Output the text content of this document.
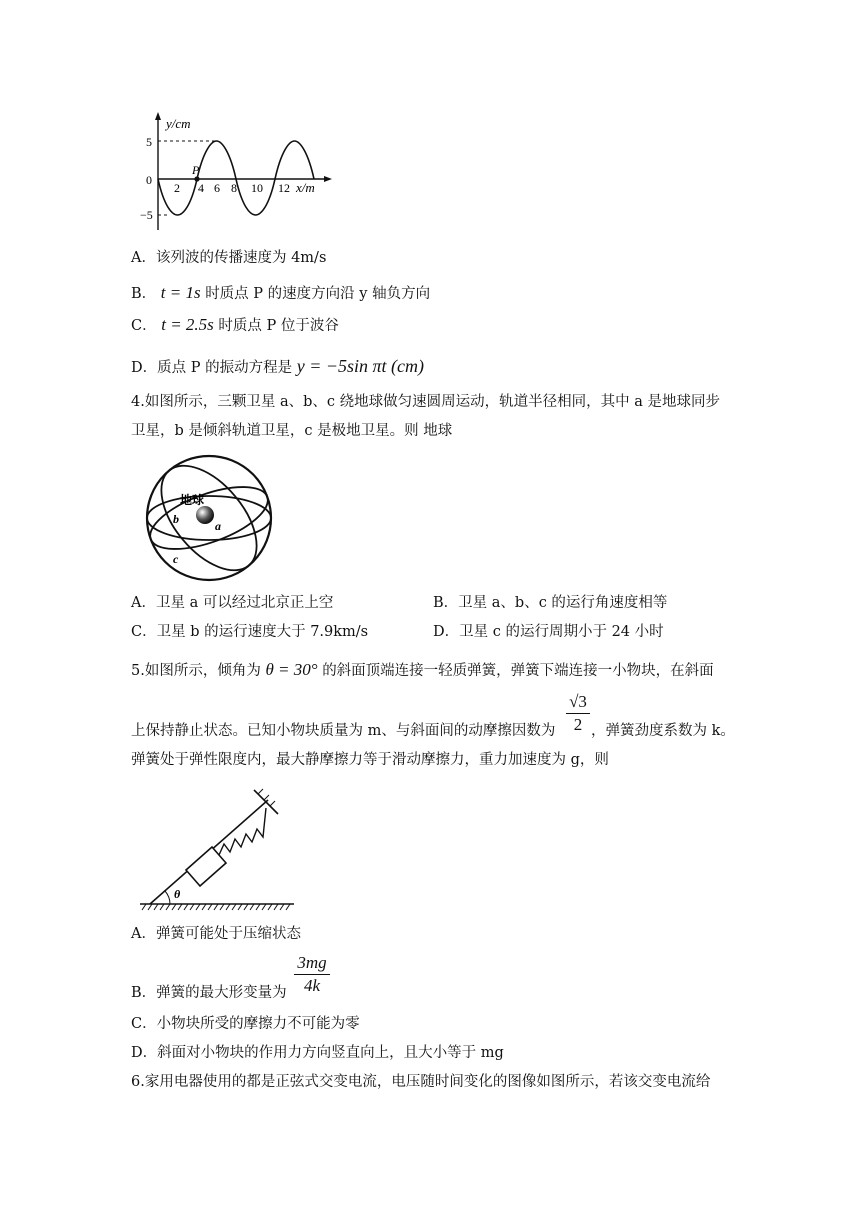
y/cm
5
0
−5
2 4 6 8 10 12 x/m
P
A．该列波的传播速度为 4m/s
B． t = 1s 时质点 P 的速度方向沿 y 轴负方向
C． t = 2.5s 时质点 P 位于波谷
D．质点 P 的振动方程是 y = −5sin πt (cm)
4.如图所示，三颗卫星 a、b、c 绕地球做匀速圆周运动，轨道半径相同，其中 a 是地球同步
卫星，b 是倾斜轨道卫星，c 是极地卫星。则 地球
地球
b	a
c
A．卫星 a 可以经过北京正上空	B．卫星 a、b、c 的运行角速度相等
C．卫星 b 的运行速度大于 7.9km/s	D．卫星 c 的运行周期小于 24 小时
5.如图所示，倾角为 θ = 30° 的斜面顶端连接一轻质弹簧，弹簧下端连接一小物块，在斜面
√3
2
上保持静止状态。已知小物块质量为 m、与斜面间的动摩擦因数为 ，弹簧劲度系数为 k。
弹簧处于弹性限度内，最大静摩擦力等于滑动摩擦力，重力加速度为 g，则
θ
A．弹簧可能处于压缩状态
B．弹簧的最大形变量为
3mg
4k
C．小物块所受的摩擦力不可能为零
D．斜面对小物块的作用力方向竖直向上，且大小等于 mg
6.家用电器使用的都是正弦式交变电流，电压随时间变化的图像如图所示，若该交变电流给
